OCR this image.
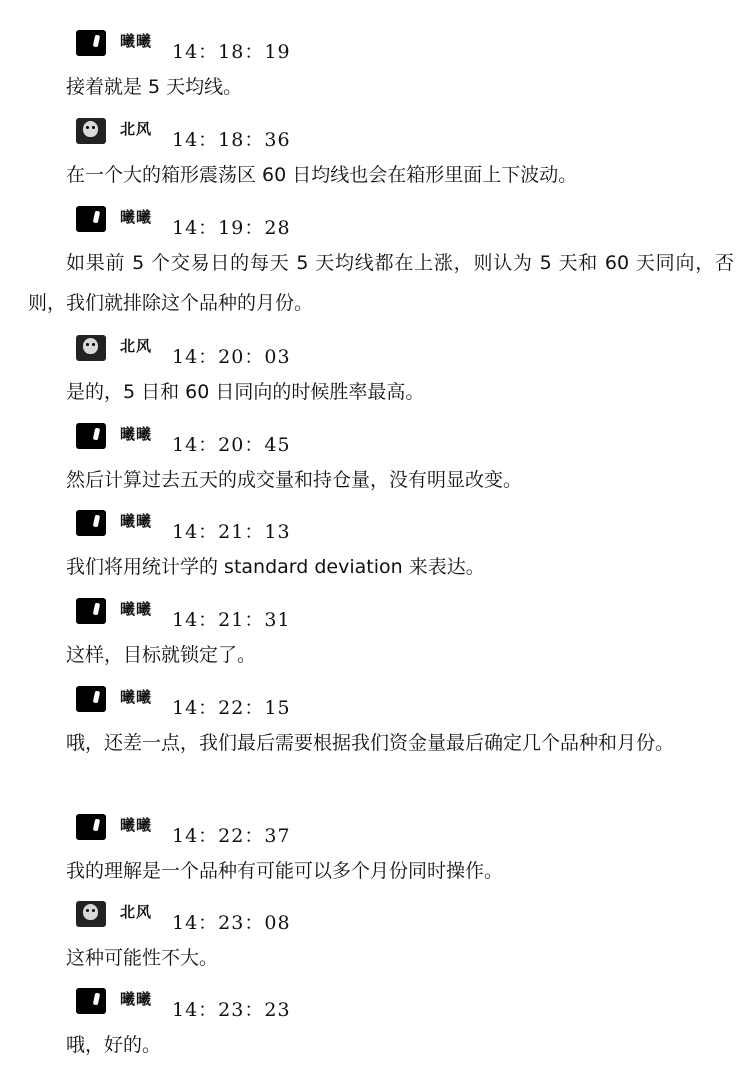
曦曦 14：18：19
接着就是 5 天均线。
北风 14：18：36
在一个大的箱形震荡区 60 日均线也会在箱形里面上下波动。
曦曦 14：19：28
如果前 5 个交易日的每天 5 天均线都在上涨，则认为 5 天和 60 天同向，否则，我们就排除这个品种的月份。
北风 14：20：03
是的，5 日和 60 日同向的时候胜率最高。
曦曦 14：20：45
然后计算过去五天的成交量和持仓量，没有明显改变。
曦曦 14：21：13
我们将用统计学的 standard deviation 来表达。
曦曦 14：21：31
这样，目标就锁定了。
曦曦 14：22：15
哦，还差一点，我们最后需要根据我们资金量最后确定几个品种和月份。
曦曦 14：22：37
我的理解是一个品种有可能可以多个月份同时操作。
北风 14：23：08
这种可能性不大。
曦曦 14：23：23
哦，好的。
